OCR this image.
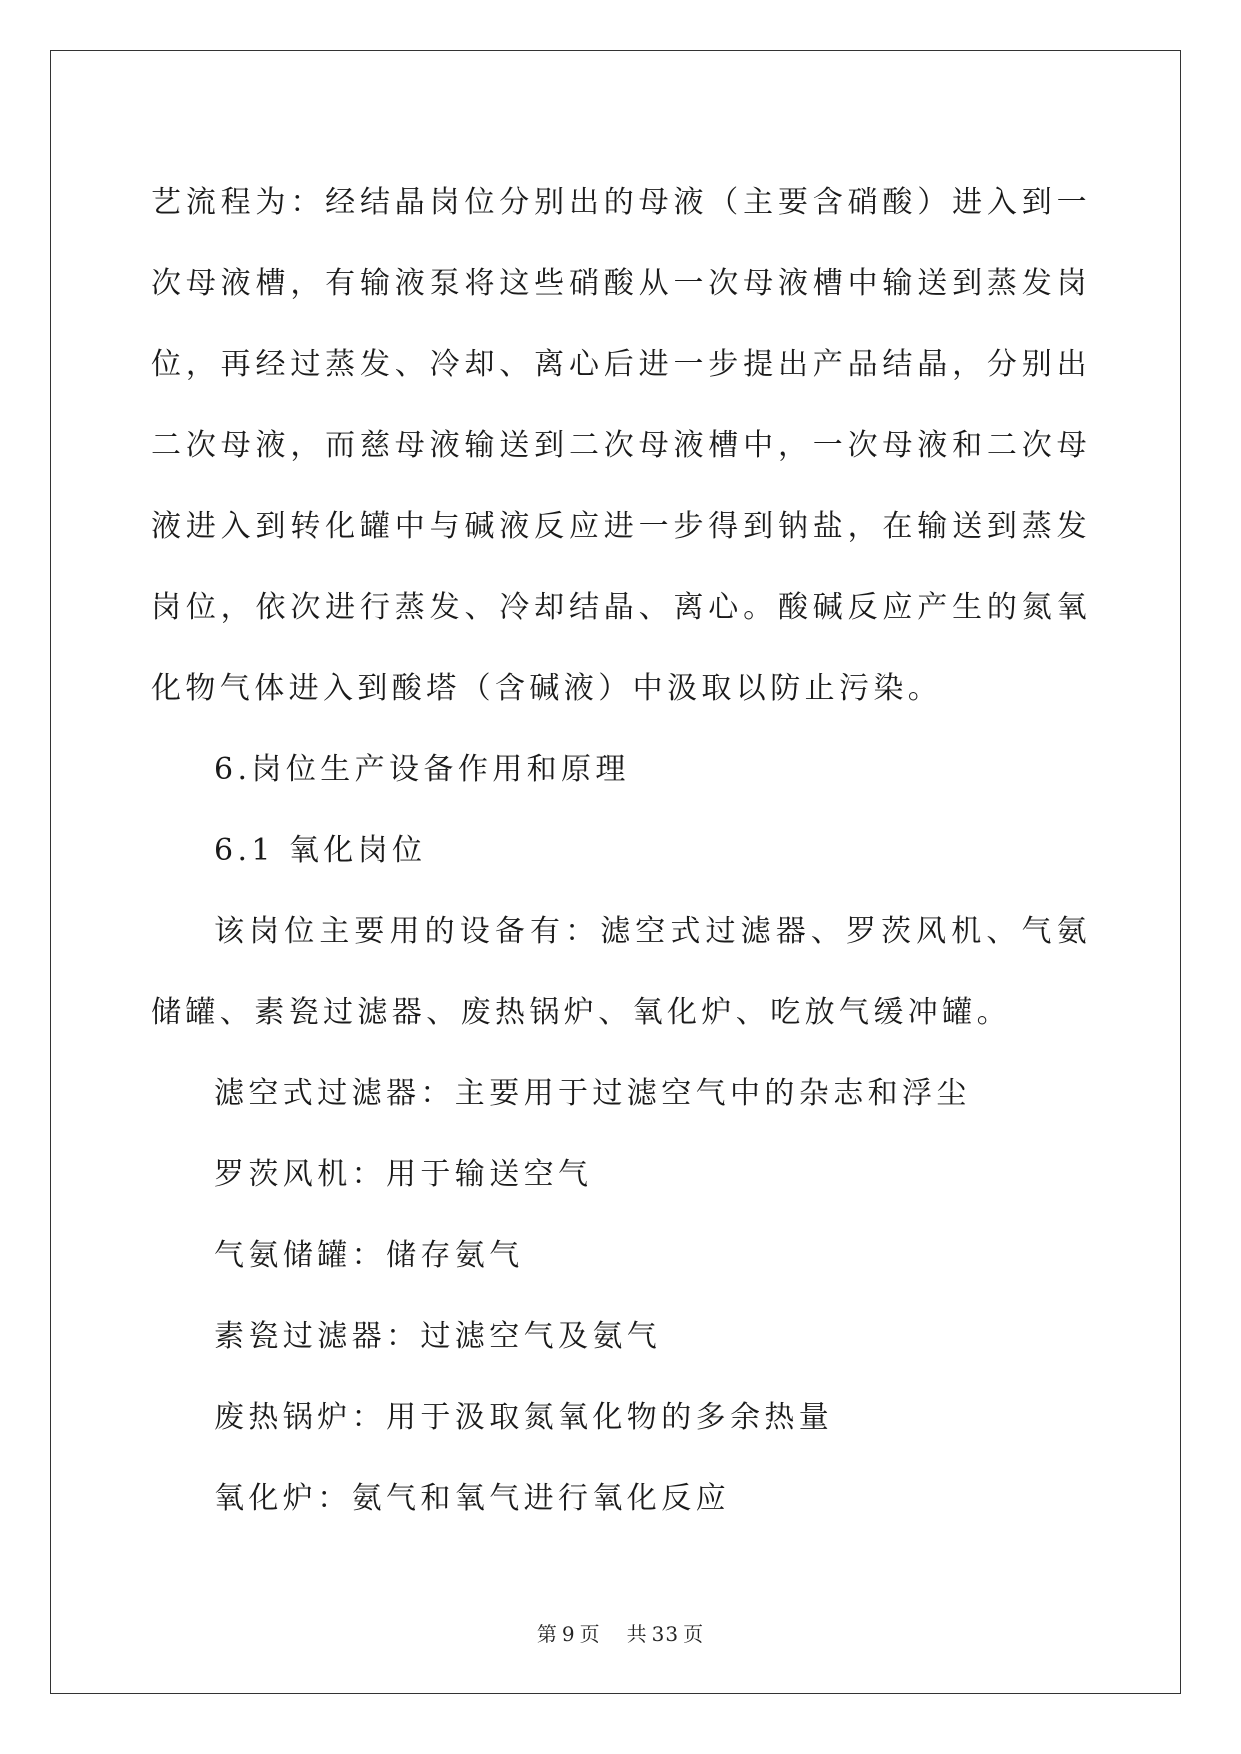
艺流程为：经结晶岗位分别出的母液（主要含硝酸）进入到一次母液槽，有输液泵将这些硝酸从一次母液槽中输送到蒸发岗位，再经过蒸发、冷却、离心后进一步提出产品结晶，分别出二次母液，而慈母液输送到二次母液槽中，一次母液和二次母液进入到转化罐中与碱液反应进一步得到钠盐，在输送到蒸发岗位，依次进行蒸发、冷却结晶、离心。酸碱反应产生的氮氧化物气体进入到酸塔（含碱液）中汲取以防止污染。

6.岗位生产设备作用和原理

6.1 氧化岗位

该岗位主要用的设备有：滤空式过滤器、罗茨风机、气氨储罐、素瓷过滤器、废热锅炉、氧化炉、吃放气缓冲罐。

滤空式过滤器：主要用于过滤空气中的杂志和浮尘

罗茨风机：用于输送空气

气氨储罐：储存氨气

素瓷过滤器：过滤空气及氨气

废热锅炉：用于汲取氮氧化物的多余热量

氧化炉：氨气和氧气进行氧化反应

第 9 页 共 33 页
